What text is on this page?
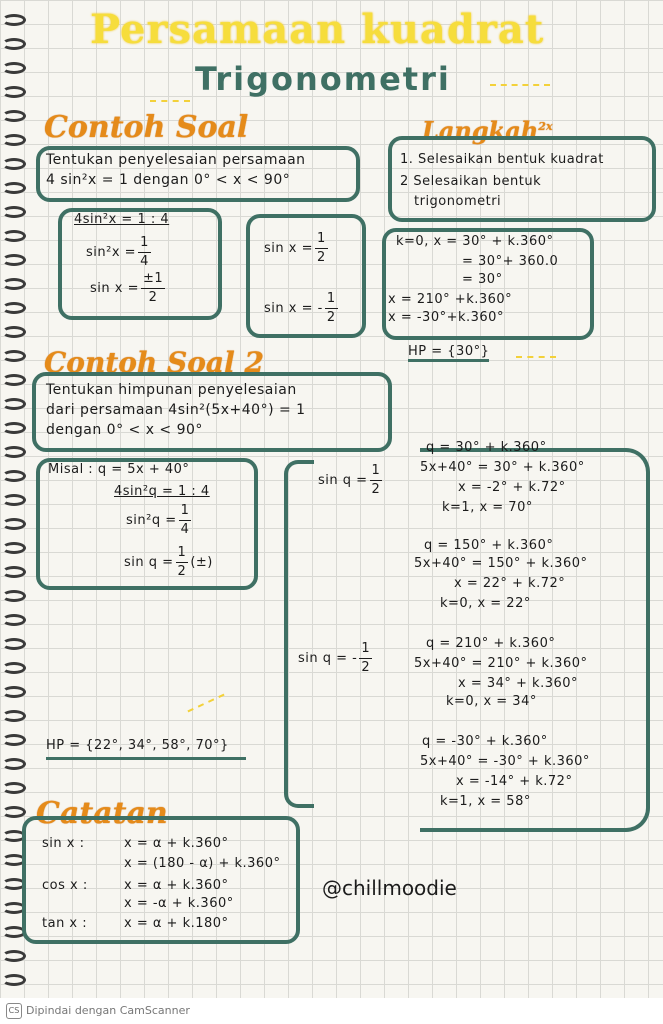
Persamaan kuadrat
Trigonometri
Contoh Soal
Tentukan penyelesaian persamaan
4 sin²x = 1 dengan 0° < x < 90°
Langkah$^{2x}$
1. Selesaikan bentuk kuadrat
2 Selesaikan bentuk
trigonometri
4sin²x = 1 : 4
$\sin^2x = \frac{1}{4}$
$\sin x = \frac{\pm 1}{2}$
$\sin x = \frac{1}{2}$
sin x = - $\frac{1}{2}$
k=0, x = 30° + k.360°
= 30°+ 360.0
= 30°
x = 210° +k.360°
x = -30°+k.360°
HP = {30°}
Contoh Soal 2
Tentukan himpunan penyelesaian
dari persamaan 4sin²(5x+40°) = 1
dengan 0° < x < 90°
Misal : q = 5x + 40°
4sin²q = 1 : 4
$\sin^2q = \frac{1}{4}$
$\sin q = \frac{1}{2}$ (±)
$\sin q = \frac{1}{2}$
sin q = - $\frac{1}{2}$
q = 30° + k.360°
5x+40° = 30° + k.360°
x = -2° + k.72°
k=1, x = 70°
q = 150° + k.360°
5x+40° = 150° + k.360°
x = 22° + k.72°
k=0, x = 22°
q = 210° + k.360°
5x+40° = 210° + k.360°
x = 34° + k.360°
k=0, x = 34°
q = -30° + k.360°
5x+40° = -30° + k.360°
x = -14° + k.72°
k=1, x = 58°
HP = {22°, 34°, 58°, 70°}
Catatan
sin x :	x = α + k.360°
x = (180 - α) + k.360°
cos x :	x = α + k.360°
x = -α + k.360°
tan x :	x = α + k.180°
@chillmoodie
CS Dipindai dengan CamScanner
